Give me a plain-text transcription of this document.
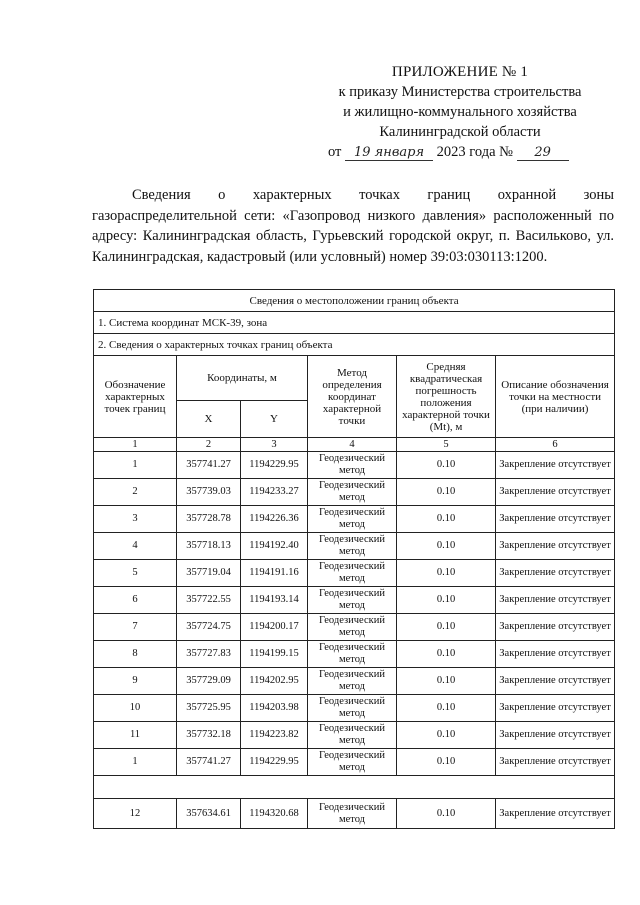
ПРИЛОЖЕНИЕ № 1
к приказу Министерства строительства
и жилищно-коммунального хозяйства
Калининградской области
от 19 января 2023 года № 29
Сведения о характерных точках границ охранной зоны газораспределительной сети: «Газопровод низкого давления» расположенный по адресу: Калининградская область, Гурьевский городской округ, п. Васильково, ул. Калининградская, кадастровый (или условный) номер 39:03:030113:1200.
Сведения о местоположении границ объекта					
1. Система координат МСК-39, зона					
2. Сведения о характерных точках границ объекта					
Обозначение характерных точек границ	Координаты, м		Метод определения координат характерной точки	Средняя квадратическая погрешность положения характерной точки (Mt), м	Описание обозначения точки на местности (при наличии)
	X	Y			
1	2	3	4	5	6
1	357741.27	1194229.95	Геодезический метод	0.10	Закрепление отсутствует
2	357739.03	1194233.27	Геодезический метод	0.10	Закрепление отсутствует
3	357728.78	1194226.36	Геодезический метод	0.10	Закрепление отсутствует
4	357718.13	1194192.40	Геодезический метод	0.10	Закрепление отсутствует
5	357719.04	1194191.16	Геодезический метод	0.10	Закрепление отсутствует
6	357722.55	1194193.14	Геодезический метод	0.10	Закрепление отсутствует
7	357724.75	1194200.17	Геодезический метод	0.10	Закрепление отсутствует
8	357727.83	1194199.15	Геодезический метод	0.10	Закрепление отсутствует
9	357729.09	1194202.95	Геодезический метод	0.10	Закрепление отсутствует
10	357725.95	1194203.98	Геодезический метод	0.10	Закрепление отсутствует
11	357732.18	1194223.82	Геодезический метод	0.10	Закрепление отсутствует
1	357741.27	1194229.95	Геодезический метод	0.10	Закрепление отсутствует

12	357634.61	1194320.68	Геодезический метод	0.10	Закрепление отсутствует
